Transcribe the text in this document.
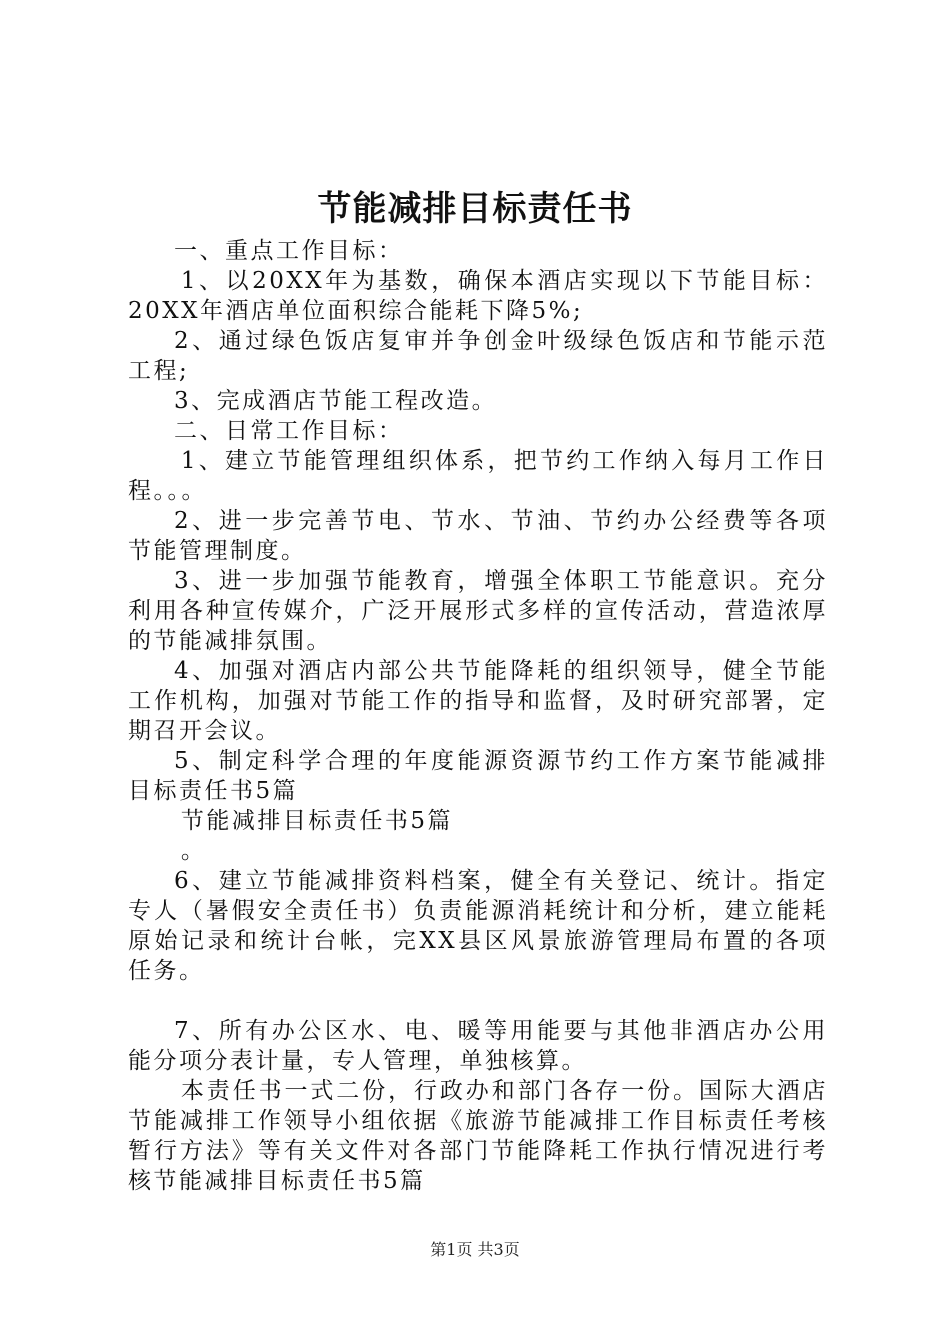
节能减排目标责任书

一、重点工作目标：

1、以20XX年为基数，确保本酒店实现以下节能目标：20XX年酒店单位面积综合能耗下降5%;

2、通过绿色饭店复审并争创金叶级绿色饭店和节能示范工程;

3、完成酒店节能工程改造。

二、日常工作目标：

1、建立节能管理组织体系，把节约工作纳入每月工作日程。。。

2、进一步完善节电、节水、节油、节约办公经费等各项节能管理制度。

3、进一步加强节能教育，增强全体职工节能意识。充分利用各种宣传媒介，广泛开展形式多样的宣传活动，营造浓厚的节能减排氛围。

4、加强对酒店内部公共节能降耗的组织领导，健全节能工作机构，加强对节能工作的指导和监督，及时研究部署，定期召开会议。

5、制定科学合理的年度能源资源节约工作方案节能减排目标责任书5篇

节能减排目标责任书5篇

。

6、建立节能减排资料档案，健全有关登记、统计。指定专人（暑假安全责任书）负责能源消耗统计和分析，建立能耗原始记录和统计台帐，完XX县区风景旅游管理局布置的各项任务。

7、所有办公区水、电、暖等用能要与其他非酒店办公用能分项分表计量，专人管理，单独核算。

本责任书一式二份，行政办和部门各存一份。国际大酒店节能减排工作领导小组依据《旅游节能减排工作目标责任考核暂行方法》等有关文件对各部门节能降耗工作执行情况进行考核节能减排目标责任书5篇

第1页 共3页
